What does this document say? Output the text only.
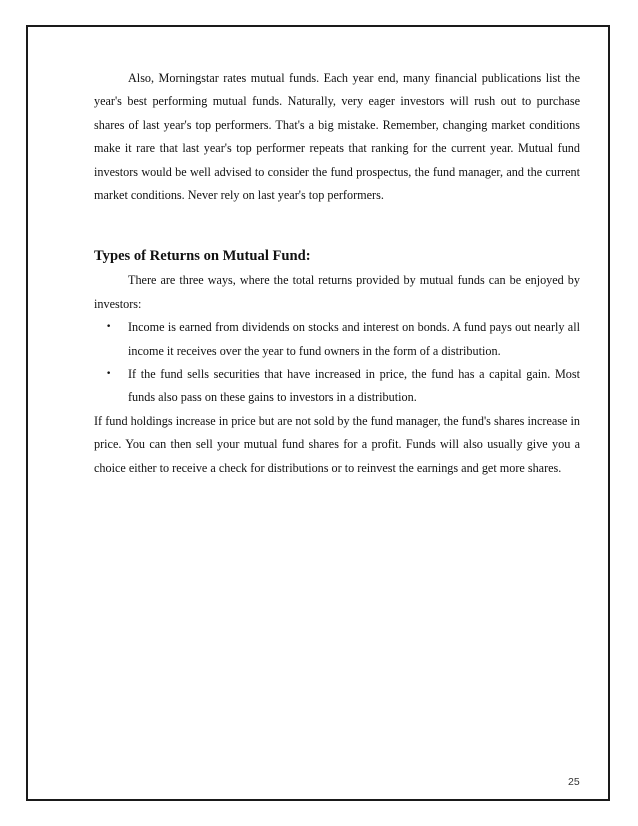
Also, Morningstar rates mutual funds. Each year end, many financial publications list the year's best performing mutual funds. Naturally, very eager investors will rush out to purchase shares of last year's top performers. That's a big mistake. Remember, changing market conditions make it rare that last year's top performer repeats that ranking for the current year. Mutual fund investors would be well advised to consider the fund prospectus, the fund manager, and the current market conditions. Never rely on last year's top performers.

Types of Returns on Mutual Fund:

There are three ways, where the total returns provided by mutual funds can be enjoyed by investors:

• Income is earned from dividends on stocks and interest on bonds. A fund pays out nearly all income it receives over the year to fund owners in the form of a distribution.
• If the fund sells securities that have increased in price, the fund has a capital gain. Most funds also pass on these gains to investors in a distribution.

If fund holdings increase in price but are not sold by the fund manager, the fund's shares increase in price. You can then sell your mutual fund shares for a profit. Funds will also usually give you a choice either to receive a check for distributions or to reinvest the earnings and get more shares.

25
